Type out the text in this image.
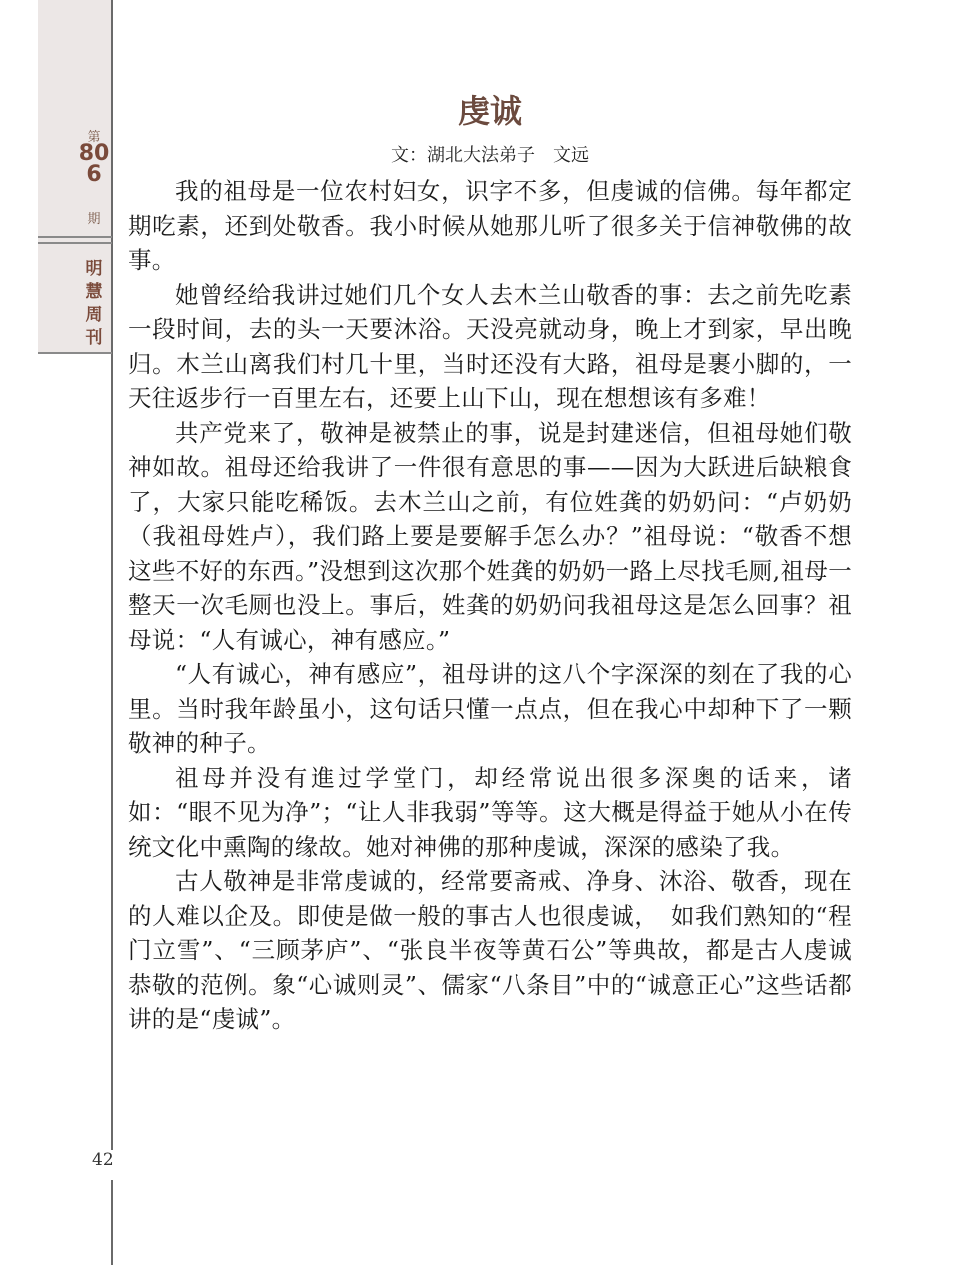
第
806
期
明慧周刊
42
虔诚
文：湖北大法弟子　文远

我的祖母是一位农村妇女，识字不多，但虔诚的信佛。每年都定期吃素，还到处敬香。我小时候从她那儿听了很多关于信神敬佛的故事。

她曾经给我讲过她们几个女人去木兰山敬香的事：去之前先吃素一段时间，去的头一天要沐浴。天没亮就动身，晚上才到家，早出晚归。木兰山离我们村几十里，当时还没有大路，祖母是裹小脚的，一天往返步行一百里左右，还要上山下山，现在想想该有多难！

共产党来了，敬神是被禁止的事，说是封建迷信，但祖母她们敬神如故。祖母还给我讲了一件很有意思的事——因为大跃进后缺粮食了，大家只能吃稀饭。去木兰山之前，有位姓龚的奶奶问：“卢奶奶（我祖母姓卢），我们路上要是要解手怎么办？”祖母说：“敬香不想这些不好的东西。”没想到这次那个姓龚的奶奶一路上尽找毛厕,祖母一整天一次毛厕也没上。事后，姓龚的奶奶问我祖母这是怎么回事？祖母说：“人有诚心，神有感应。”

“人有诚心，神有感应”，祖母讲的这八个字深深的刻在了我的心里。当时我年龄虽小，这句话只懂一点点，但在我心中却种下了一颗敬神的种子。

祖母并没有進过学堂门，却经常说出很多深奥的话来，诸如：“眼不见为净”；“让人非我弱”等等。这大概是得益于她从小在传统文化中熏陶的缘故。她对神佛的那种虔诚，深深的感染了我。

古人敬神是非常虔诚的，经常要斋戒、净身、沐浴、敬香，现在的人难以企及。即使是做一般的事古人也很虔诚，　如我们熟知的“程门立雪”、“三顾茅庐”、“张良半夜等黄石公”等典故，都是古人虔诚恭敬的范例。象“心诚则灵”、儒家“八条目”中的“诚意正心”这些话都讲的是“虔诚”。
